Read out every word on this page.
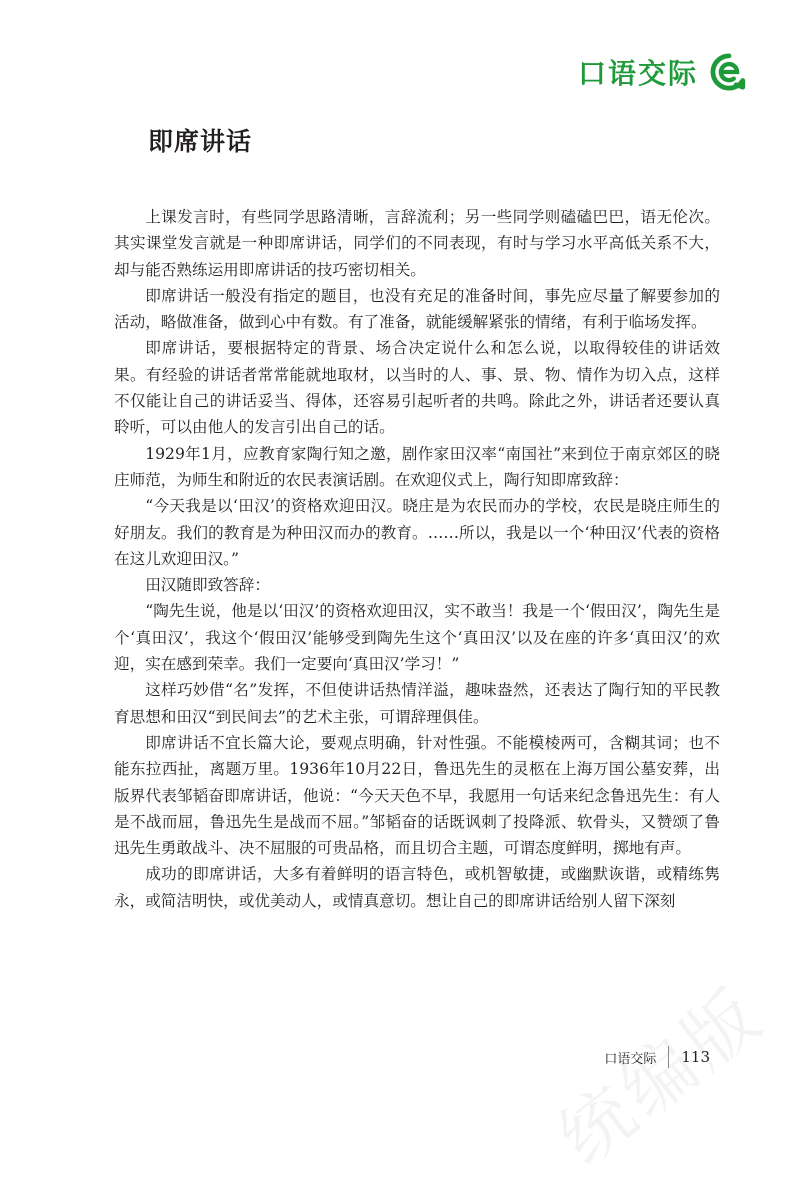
口语交际
即席讲话

上课发言时，有些同学思路清晰，言辞流利；另一些同学则磕磕巴巴，语无伦次。其实课堂发言就是一种即席讲话，同学们的不同表现，有时与学习水平高低关系不大，却与能否熟练运用即席讲话的技巧密切相关。

即席讲话一般没有指定的题目，也没有充足的准备时间，事先应尽量了解要参加的活动，略做准备，做到心中有数。有了准备，就能缓解紧张的情绪，有利于临场发挥。

即席讲话，要根据特定的背景、场合决定说什么和怎么说，以取得较佳的讲话效果。有经验的讲话者常常能就地取材，以当时的人、事、景、物、情作为切入点，这样不仅能让自己的讲话妥当、得体，还容易引起听者的共鸣。除此之外，讲话者还要认真聆听，可以由他人的发言引出自己的话。

1929年1月，应教育家陶行知之邀，剧作家田汉率“南国社”来到位于南京郊区的晓庄师范，为师生和附近的农民表演话剧。在欢迎仪式上，陶行知即席致辞：

“今天我是以‘田汉’的资格欢迎田汉。晓庄是为农民而办的学校，农民是晓庄师生的好朋友。我们的教育是为种田汉而办的教育。……所以，我是以一个‘种田汉’代表的资格在这儿欢迎田汉。”

田汉随即致答辞：

“陶先生说，他是以‘田汉’的资格欢迎田汉，实不敢当！我是一个‘假田汉’，陶先生是个‘真田汉’，我这个‘假田汉’能够受到陶先生这个‘真田汉’以及在座的许多‘真田汉’的欢迎，实在感到荣幸。我们一定要向‘真田汉’学习！”

这样巧妙借“名”发挥，不但使讲话热情洋溢，趣味盎然，还表达了陶行知的平民教育思想和田汉“到民间去”的艺术主张，可谓辞理俱佳。

即席讲话不宜长篇大论，要观点明确，针对性强。不能模棱两可，含糊其词；也不能东拉西扯，离题万里。1936年10月22日，鲁迅先生的灵柩在上海万国公墓安葬，出版界代表邹韬奋即席讲话，他说：“今天天色不早，我愿用一句话来纪念鲁迅先生：有人是不战而屈，鲁迅先生是战而不屈。”邹韬奋的话既讽刺了投降派、软骨头，又赞颂了鲁迅先生勇敢战斗、决不屈服的可贵品格，而且切合主题，可谓态度鲜明，掷地有声。

成功的即席讲话，大多有着鲜明的语言特色，或机智敏捷，或幽默诙谐，或精练隽永，或简洁明快，或优美动人，或情真意切。想让自己的即席讲话给别人留下深刻

口语交际 113
